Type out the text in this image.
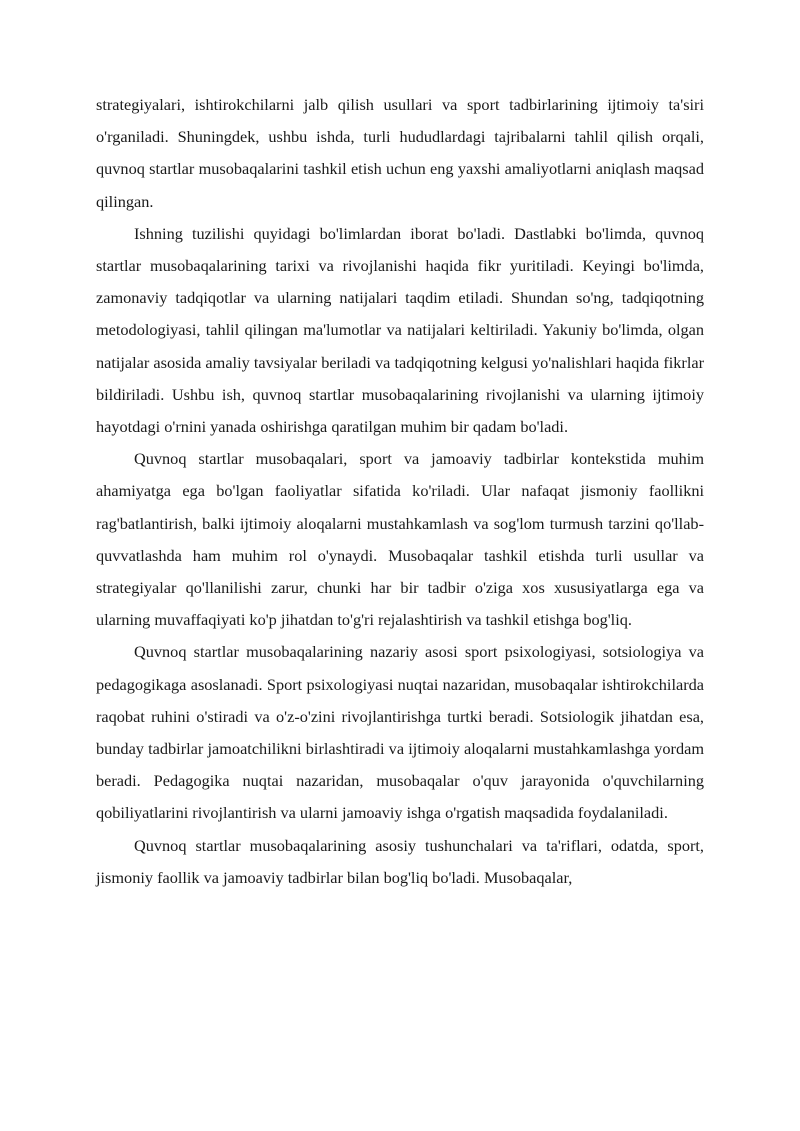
strategiyalari, ishtirokchilarni jalb qilish usullari va sport tadbirlarining ijtimoiy ta'siri o'rganiladi. Shuningdek, ushbu ishda, turli hududlardagi tajribalarni tahlil qilish orqali, quvnoq startlar musobaqalarini tashkil etish uchun eng yaxshi amaliyotlarni aniqlash maqsad qilingan.

Ishning tuzilishi quyidagi bo'limlardan iborat bo'ladi. Dastlabki bo'limda, quvnoq startlar musobaqalarining tarixi va rivojlanishi haqida fikr yuritiladi. Keyingi bo'limda, zamonaviy tadqiqotlar va ularning natijalari taqdim etiladi. Shundan so'ng, tadqiqotning metodologiyasi, tahlil qilingan ma'lumotlar va natijalari keltiriladi. Yakuniy bo'limda, olgan natijalar asosida amaliy tavsiyalar beriladi va tadqiqotning kelgusi yo'nalishlari haqida fikrlar bildiriladi. Ushbu ish, quvnoq startlar musobaqalarining rivojlanishi va ularning ijtimoiy hayotdagi o'rnini yanada oshirishga qaratilgan muhim bir qadam bo'ladi.

Quvnoq startlar musobaqalari, sport va jamoaviy tadbirlar kontekstida muhim ahamiyatga ega bo'lgan faoliyatlar sifatida ko'riladi. Ular nafaqat jismoniy faollikni rag'batlantirish, balki ijtimoiy aloqalarni mustahkamlash va sog'lom turmush tarzini qo'llab-quvvatlashda ham muhim rol o'ynaydi. Musobaqalar tashkil etishda turli usullar va strategiyalar qo'llanilishi zarur, chunki har bir tadbir o'ziga xos xususiyatlarga ega va ularning muvaffaqiyati ko'p jihatdan to'g'ri rejalashtirish va tashkil etishga bog'liq.

Quvnoq startlar musobaqalarining nazariy asosi sport psixologiyasi, sotsiologiya va pedagogikaga asoslanadi. Sport psixologiyasi nuqtai nazaridan, musobaqalar ishtirokchilarda raqobat ruhini o'stiradi va o'z-o'zini rivojlantirishga turtki beradi. Sotsiologik jihatdan esa, bunday tadbirlar jamoatchilikni birlashtiradi va ijtimoiy aloqalarni mustahkamlashga yordam beradi. Pedagogika nuqtai nazaridan, musobaqalar o'quv jarayonida o'quvchilarning qobiliyatlarini rivojlantirish va ularni jamoaviy ishga o'rgatish maqsadida foydalaniladi.

Quvnoq startlar musobaqalarining asosiy tushunchalari va ta'riflari, odatda, sport, jismoniy faollik va jamoaviy tadbirlar bilan bog'liq bo'ladi. Musobaqalar,
